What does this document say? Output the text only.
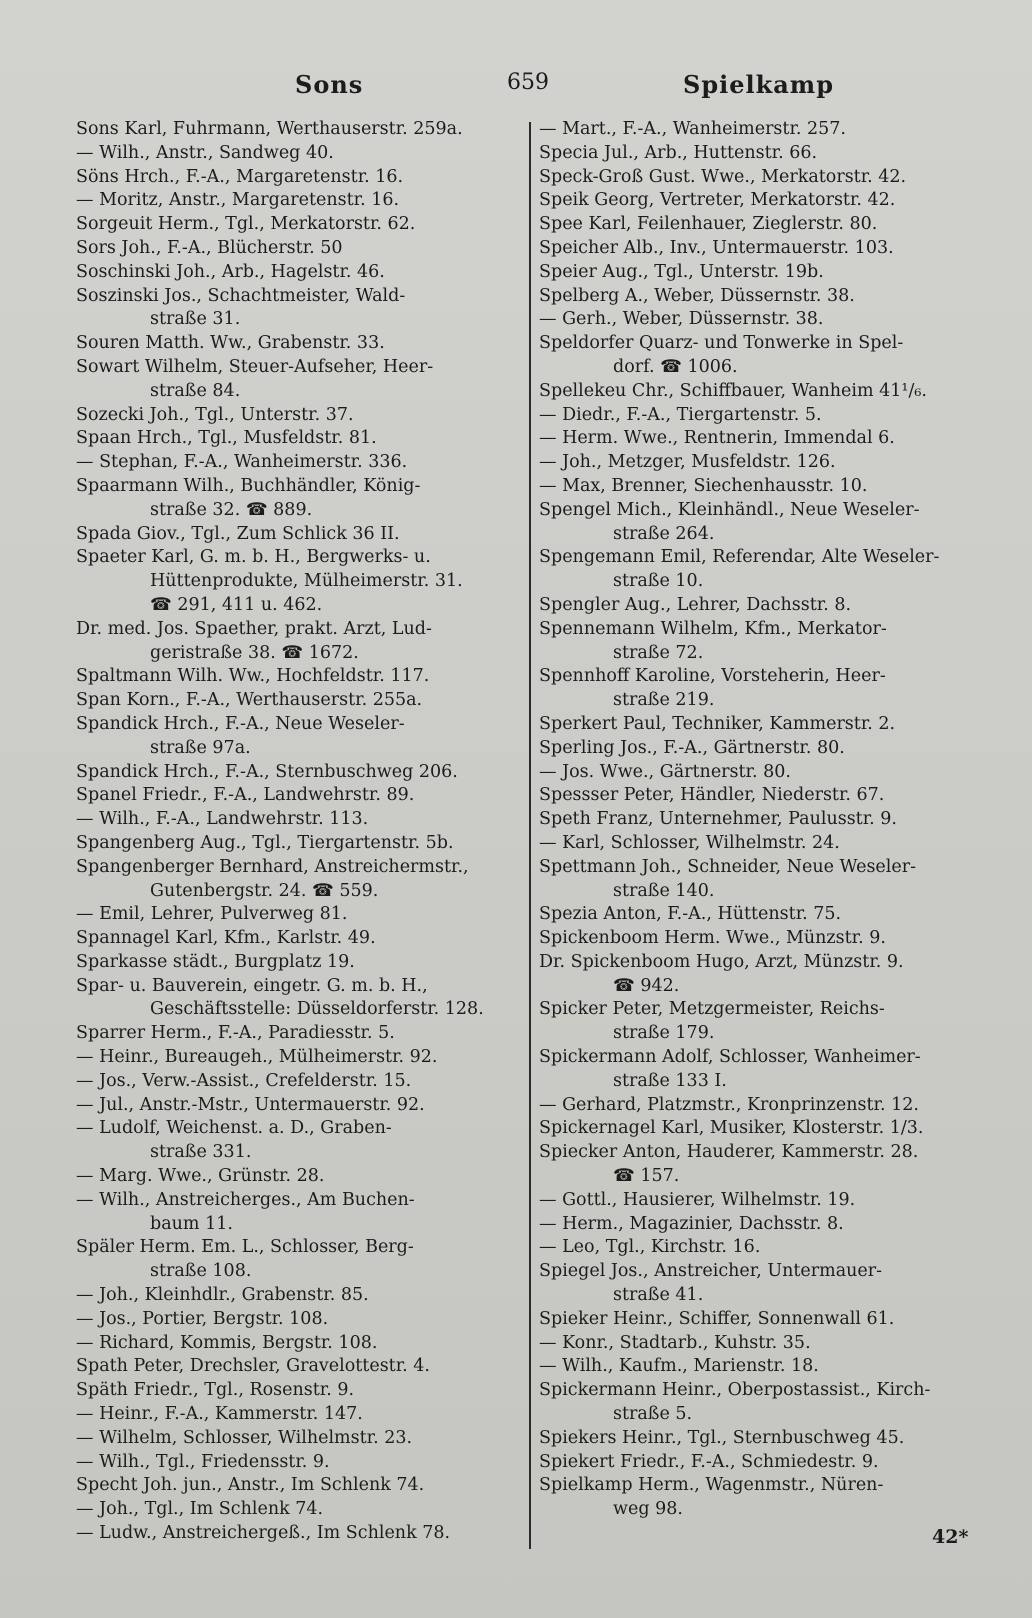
Sons	659	Spielkamp
Sons Karl, Fuhrmann, Werthauserstr. 259a.
— Wilh., Anstr., Sandweg 40.
Söns Hrch., F.-A., Margaretenstr. 16.
— Moritz, Anstr., Margaretenstr. 16.
Sorgeuit Herm., Tgl., Merkatorstr. 62.
Sors Joh., F.-A., Blücherstr. 50
Soschinski Joh., Arb., Hagelstr. 46.
Soszinski Jos., Schachtmeister, Wald-
straße 31.
Souren Matth. Ww., Grabenstr. 33.
Sowart Wilhelm, Steuer-Aufseher, Heer-
straße 84.
Sozecki Joh., Tgl., Unterstr. 37.
Spaan Hrch., Tgl., Musfeldstr. 81.
— Stephan, F.-A., Wanheimerstr. 336.
Spaarmann Wilh., Buchhändler, König-
straße 32. ☎ 889.
Spada Giov., Tgl., Zum Schlick 36 II.
Spaeter Karl, G. m. b. H., Bergwerks- u.
Hüttenprodukte, Mülheimerstr. 31.
☎ 291, 411 u. 462.
Dr. med. Jos. Spaether, prakt. Arzt, Lud-
geristraße 38. ☎ 1672.
Spaltmann Wilh. Ww., Hochfeldstr. 117.
Span Korn., F.-A., Werthauserstr. 255a.
Spandick Hrch., F.-A., Neue Weseler-
straße 97a.
Spandick Hrch., F.-A., Sternbuschweg 206.
Spanel Friedr., F.-A., Landwehrstr. 89.
— Wilh., F.-A., Landwehrstr. 113.
Spangenberg Aug., Tgl., Tiergartenstr. 5b.
Spangenberger Bernhard, Anstreichermstr.,
Gutenbergstr. 24. ☎ 559.
— Emil, Lehrer, Pulverweg 81.
Spannagel Karl, Kfm., Karlstr. 49.
Sparkasse städt., Burgplatz 19.
Spar- u. Bauverein, eingetr. G. m. b. H.,
Geschäftsstelle: Düsseldorferstr. 128.
Sparrer Herm., F.-A., Paradiesstr. 5.
— Heinr., Bureaugeh., Mülheimerstr. 92.
— Jos., Verw.-Assist., Crefelderstr. 15.
— Jul., Anstr.-Mstr., Untermauerstr. 92.
— Ludolf, Weichenst. a. D., Graben-
straße 331.
— Marg. Wwe., Grünstr. 28.
— Wilh., Anstreicherges., Am Buchen-
baum 11.
Späler Herm. Em. L., Schlosser, Berg-
straße 108.
— Joh., Kleinhdlr., Grabenstr. 85.
— Jos., Portier, Bergstr. 108.
— Richard, Kommis, Bergstr. 108.
Spath Peter, Drechsler, Gravelottestr. 4.
Späth Friedr., Tgl., Rosenstr. 9.
— Heinr., F.-A., Kammerstr. 147.
— Wilhelm, Schlosser, Wilhelmstr. 23.
— Wilh., Tgl., Friedensstr. 9.
Specht Joh. jun., Anstr., Im Schlenk 74.
— Joh., Tgl., Im Schlenk 74.
— Ludw., Anstreichergeß., Im Schlenk 78.
— Mart., F.-A., Wanheimerstr. 257.
Specia Jul., Arb., Huttenstr. 66.
Speck-Groß Gust. Wwe., Merkatorstr. 42.
Speik Georg, Vertreter, Merkatorstr. 42.
Spee Karl, Feilenhauer, Zieglerstr. 80.
Speicher Alb., Inv., Untermauerstr. 103.
Speier Aug., Tgl., Unterstr. 19b.
Spelberg A., Weber, Düssernstr. 38.
— Gerh., Weber, Düssernstr. 38.
Speldorfer Quarz- und Tonwerke in Spel-
dorf. ☎ 1006.
Spellekeu Chr., Schiffbauer, Wanheim 41¹/₆.
— Diedr., F.-A., Tiergartenstr. 5.
— Herm. Wwe., Rentnerin, Immendal 6.
— Joh., Metzger, Musfeldstr. 126.
— Max, Brenner, Siechenhausstr. 10.
Spengel Mich., Kleinhändl., Neue Weseler-
straße 264.
Spengemann Emil, Referendar, Alte Weseler-
straße 10.
Spengler Aug., Lehrer, Dachsstr. 8.
Spennemann Wilhelm, Kfm., Merkator-
straße 72.
Spennhoff Karoline, Vorsteherin, Heer-
straße 219.
Sperkert Paul, Techniker, Kammerstr. 2.
Sperling Jos., F.-A., Gärtnerstr. 80.
— Jos. Wwe., Gärtnerstr. 80.
Spessser Peter, Händler, Niederstr. 67.
Speth Franz, Unternehmer, Paulusstr. 9.
— Karl, Schlosser, Wilhelmstr. 24.
Spettmann Joh., Schneider, Neue Weseler-
straße 140.
Spezia Anton, F.-A., Hüttenstr. 75.
Spickenboom Herm. Wwe., Münzstr. 9.
Dr. Spickenboom Hugo, Arzt, Münzstr. 9.
☎ 942.
Spicker Peter, Metzgermeister, Reichs-
straße 179.
Spickermann Adolf, Schlosser, Wanheimer-
straße 133 I.
— Gerhard, Platzmstr., Kronprinzenstr. 12.
Spickernagel Karl, Musiker, Klosterstr. 1/3.
Spiecker Anton, Hauderer, Kammerstr. 28.
☎ 157.
— Gottl., Hausierer, Wilhelmstr. 19.
— Herm., Magazinier, Dachsstr. 8.
— Leo, Tgl., Kirchstr. 16.
Spiegel Jos., Anstreicher, Untermauer-
straße 41.
Spieker Heinr., Schiffer, Sonnenwall 61.
— Konr., Stadtarb., Kuhstr. 35.
— Wilh., Kaufm., Marienstr. 18.
Spickermann Heinr., Oberpostassist., Kirch-
straße 5.
Spiekers Heinr., Tgl., Sternbuschweg 45.
Spiekert Friedr., F.-A., Schmiedestr. 9.
Spielkamp Herm., Wagenmstr., Nüren-
weg 98.
42*
